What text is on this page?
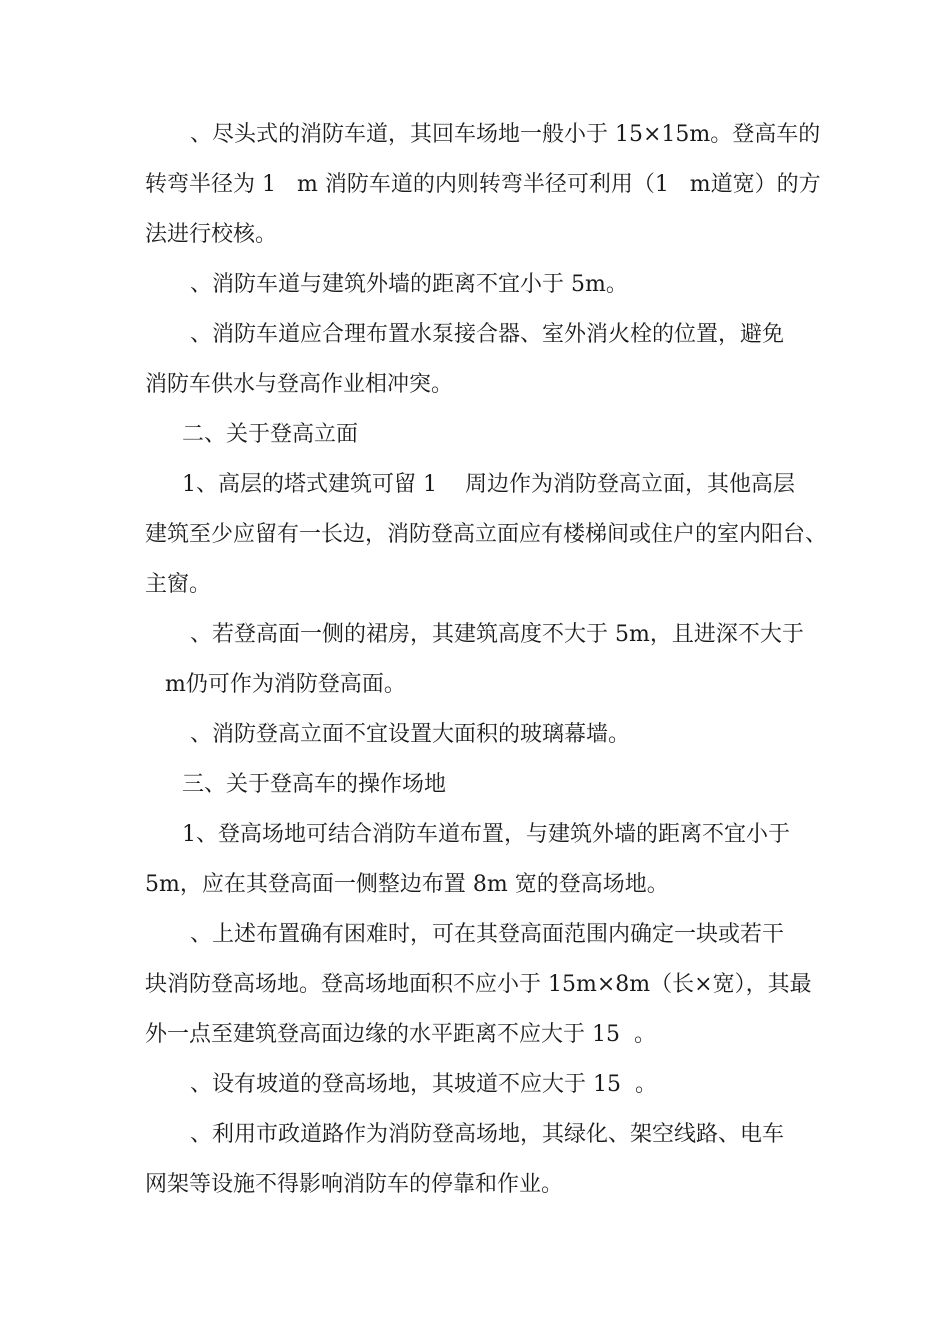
、尽头式的消防车道，其回车场地一般小于 15×15m。登高车的
转弯半径为 1   m 消防车道的内则转弯半径可利用（1   m道宽）的方
法进行校核。
、消防车道与建筑外墙的距离不宜小于 5m。
、消防车道应合理布置水泵接合器、室外消火栓的位置，避免
消防车供水与登高作业相冲突。
二、关于登高立面
1、高层的塔式建筑可留 1    周边作为消防登高立面，其他高层
建筑至少应留有一长边，消防登高立面应有楼梯间或住户的室内阳台、
主窗。
、若登高面一侧的裙房，其建筑高度不大于 5m，且进深不大于
m仍可作为消防登高面。
、消防登高立面不宜设置大面积的玻璃幕墙。
三、关于登高车的操作场地
1、登高场地可结合消防车道布置，与建筑外墙的距离不宜小于
5m，应在其登高面一侧整边布置 8m 宽的登高场地。
、上述布置确有困难时，可在其登高面范围内确定一块或若干
块消防登高场地。登高场地面积不应小于 15m×8m（长×宽），其最
外一点至建筑登高面边缘的水平距离不应大于 15  。
、设有坡道的登高场地，其坡道不应大于 15  。
、利用市政道路作为消防登高场地，其绿化、架空线路、电车
网架等设施不得影响消防车的停靠和作业。
